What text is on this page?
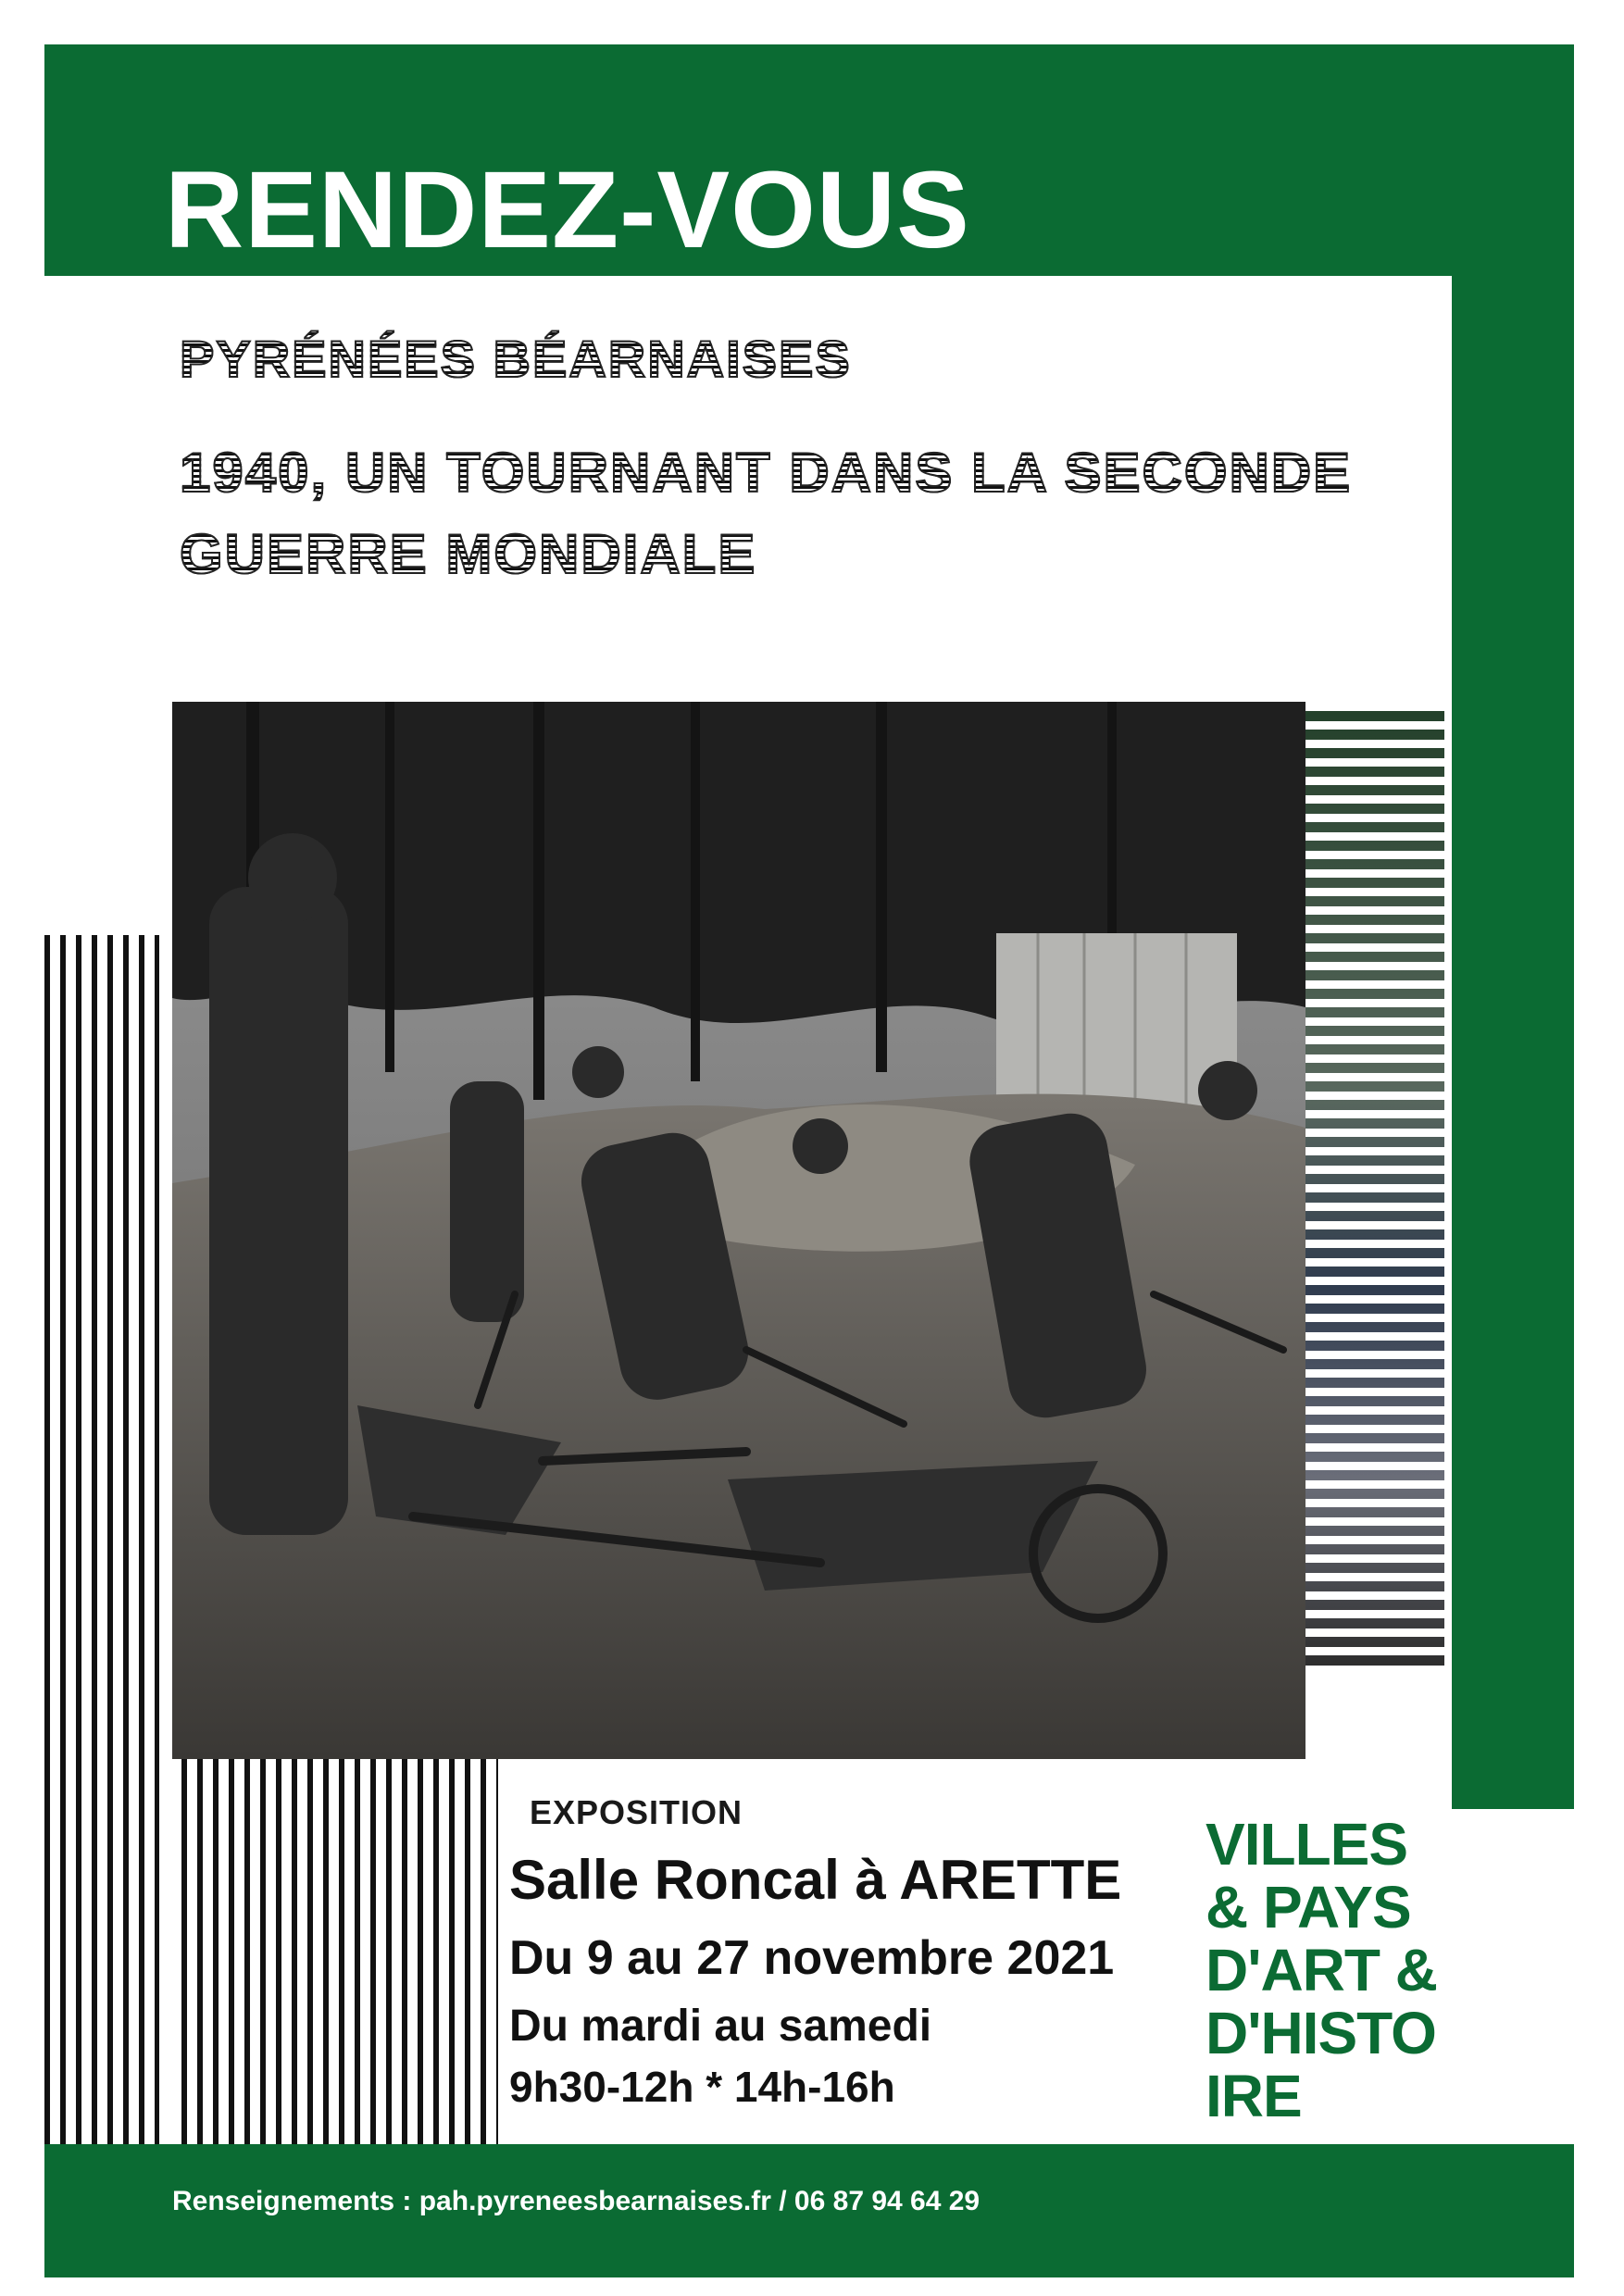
RENDEZ-VOUS
PYRÉNÉES BÉARNAISES
1940, UN TOURNANT DANS LA SECONDE
GUERRE MONDIALE

EXPOSITION

Salle Roncal à ARETTE

Du 9 au 27 novembre 2021

Du mardi au samedi

9h30-12h * 14h-16h

VILLES
& PAYS
D'ART &
D'HISTO
IRE

Renseignements : pah.pyreneesbearnaises.fr / 06 87 94 64 29
